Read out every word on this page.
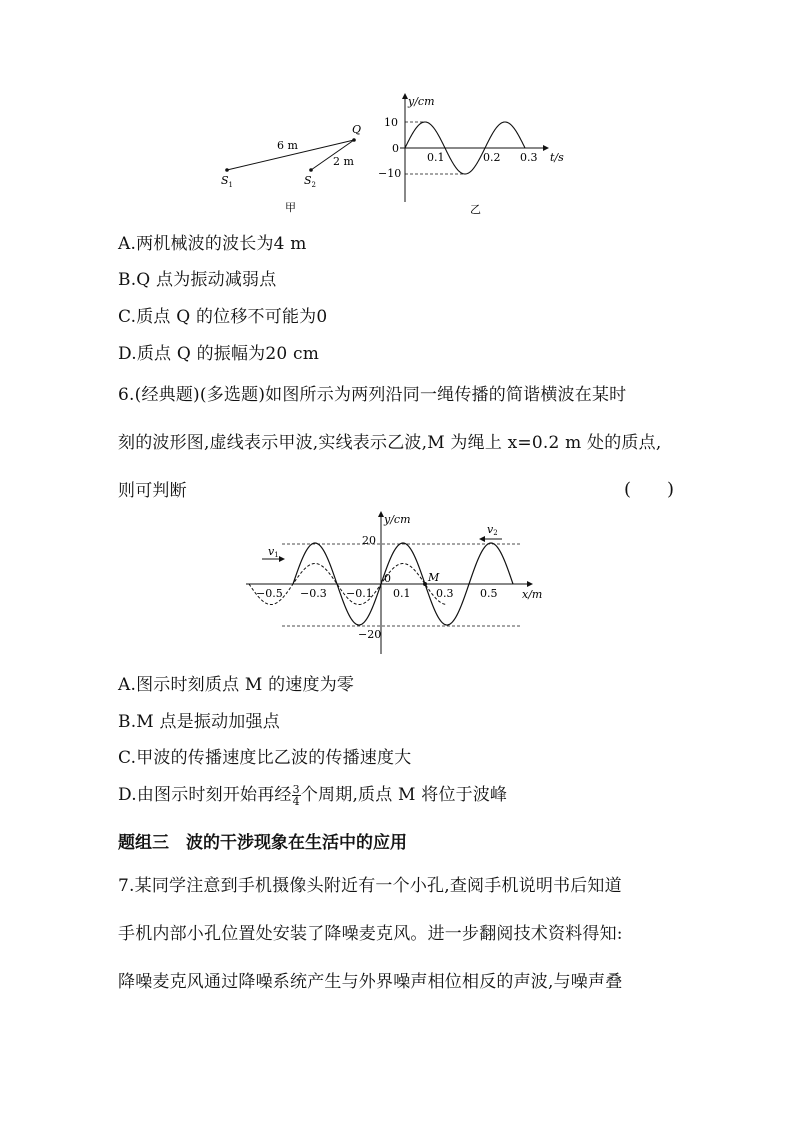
Q
6 m
2 m
$S_1$	$S_2$
甲
y/cm
t/s
0
10
−10
0.1	0.2 0.3
乙
A.两机械波的波长为4 m
B.Q 点为振动减弱点
C.质点 Q 的位移不可能为0
D.质点 Q 的振幅为20 cm
6.(经典题)(多选题)如图所示为两列沿同一绳传播的简谐横波在某时
刻的波形图,虚线表示甲波,实线表示乙波,M 为绳上 x=0.2 m 处的质点,
则可判断	(　　)
y/cm
x/m
20
−20
0
−0.5 −0.3 −0.1 0.1 0.3 0.5
M
v1
v2
A.图示时刻质点 M 的速度为零
B.M 点是振动加强点
C.甲波的传播速度比乙波的传播速度大
D.由图示时刻开始再经 $\frac{3}{4}$ 个周期,质点 M 将位于波峰
题组三　波的干涉现象在生活中的应用
7.某同学注意到手机摄像头附近有一个小孔,查阅手机说明书后知道
手机内部小孔位置处安装了降噪麦克风。进一步翻阅技术资料得知:
降噪麦克风通过降噪系统产生与外界噪声相位相反的声波,与噪声叠
